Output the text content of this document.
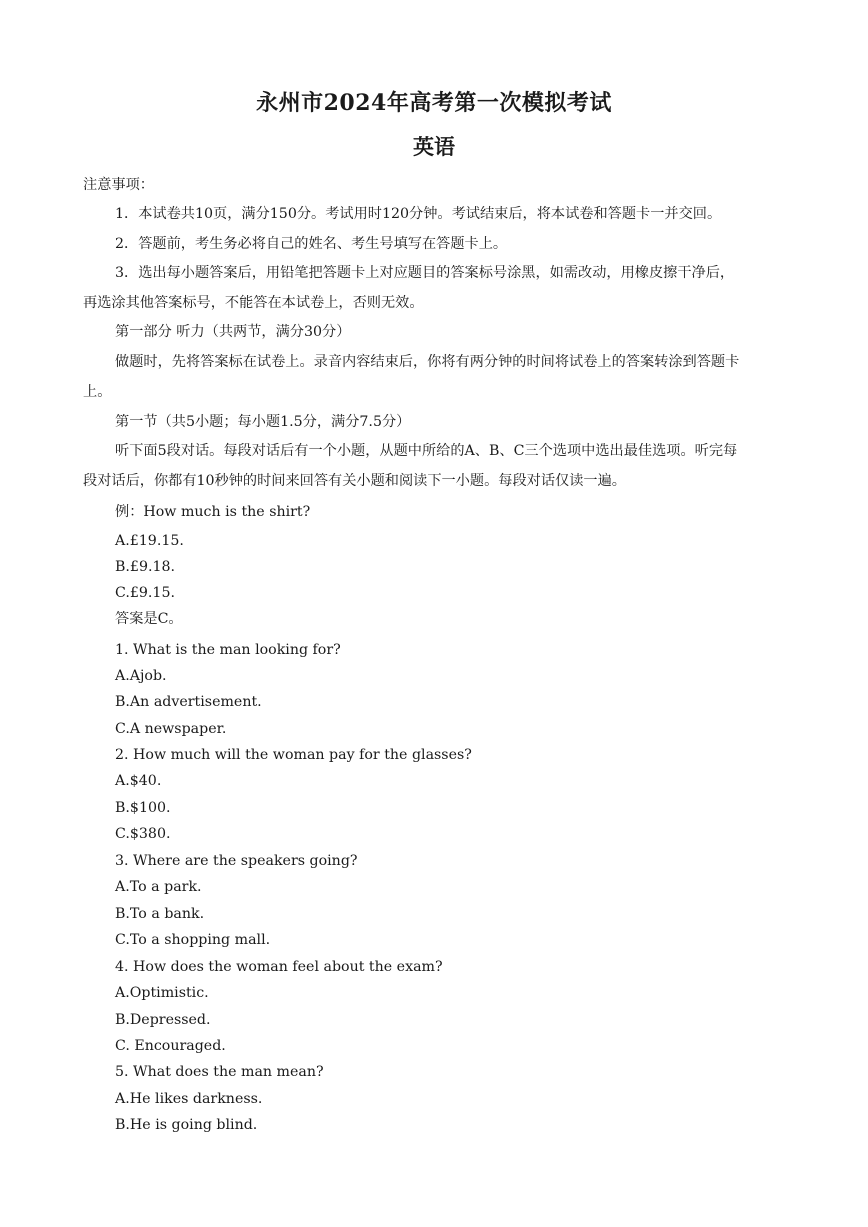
永州市2024年高考第一次模拟考试
英语
注意事项：
1．本试卷共10页，满分150分。考试用时120分钟。考试结束后，将本试卷和答题卡一并交回。
2．答题前，考生务必将自己的姓名、考生号填写在答题卡上。
3．选出每小题答案后，用铅笔把答题卡上对应题目的答案标号涂黑，如需改动，用橡皮擦干净后，
再选涂其他答案标号，不能答在本试卷上，否则无效。
第一部分 听力（共两节，满分30分）
做题时，先将答案标在试卷上。录音内容结束后，你将有两分钟的时间将试卷上的答案转涂到答题卡
上。
第一节（共5小题；每小题1.5分，满分7.5分）
听下面5段对话。每段对话后有一个小题，从题中所给的A、B、C三个选项中选出最佳选项。听完每
段对话后，你都有10秒钟的时间来回答有关小题和阅读下一小题。每段对话仅读一遍。
例：How much is the shirt?
A.£19.15.
B.£9.18.
C.£9.15.
答案是C。
1. What is the man looking for?
A.Ajob.
B.An advertisement.
C.A newspaper.
2. How much will the woman pay for the glasses?
A.$40.
B.$100.
C.$380.
3. Where are the speakers going?
A.To a park.
B.To a bank.
C.To a shopping mall.
4. How does the woman feel about the exam?
A.Optimistic.
B.Depressed.
C. Encouraged.
5. What does the man mean?
A.He likes darkness.
B.He is going blind.
